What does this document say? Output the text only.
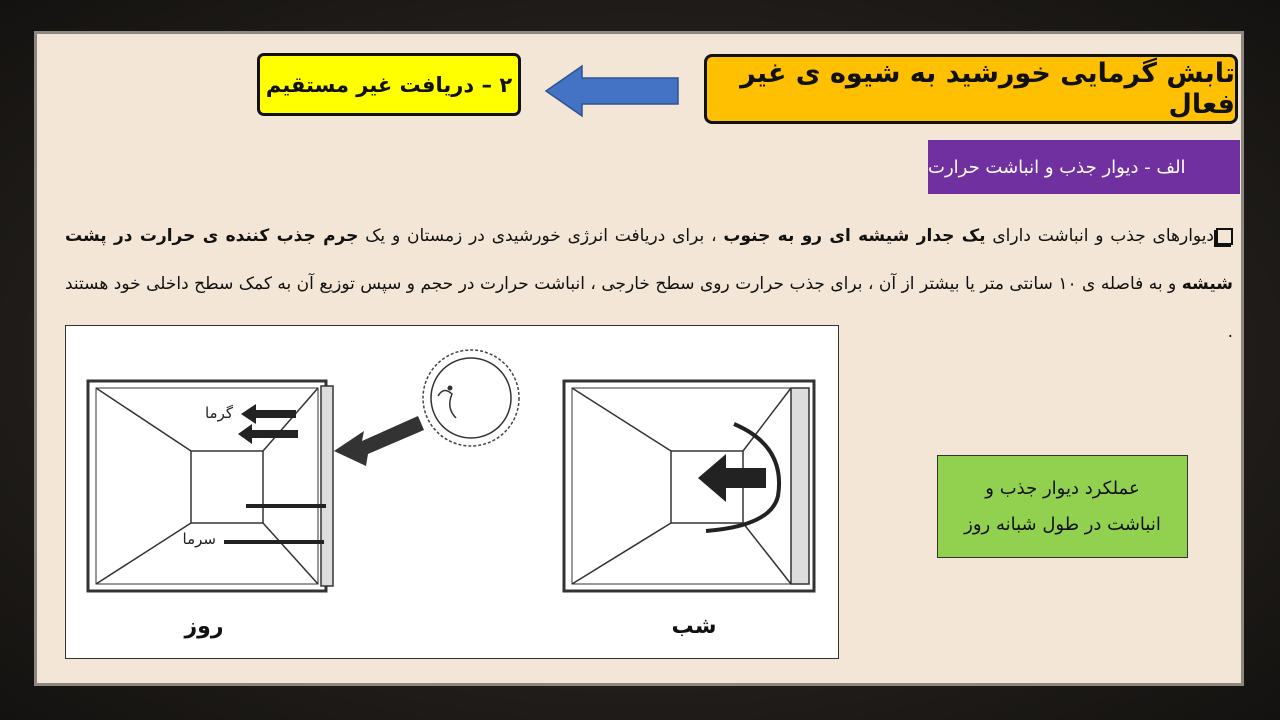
تابش گرمایی خورشید به شیوه ی غیر فعال
۲ – دریافت غیر مستقیم
الف - دیوار جذب و انباشت حرارت
دیوارهای جذب و انباشت دارای یک جدار شیشه ای رو به جنوب ، برای دریافت انرژی خورشیدی در زمستان و یک جرم جذب کننده ی حرارت در پشت شیشه و به فاصله ی ۱۰ سانتی متر یا بیشتر از آن ، برای جذب حرارت روی سطح خارجی ، انباشت حرارت در حجم و سپس توزیع آن به کمک سطح داخلی خود هستند .
گرما
سرما
روز	شب
عملکرد دیوار جذب و
انباشت در طول شبانه روز
